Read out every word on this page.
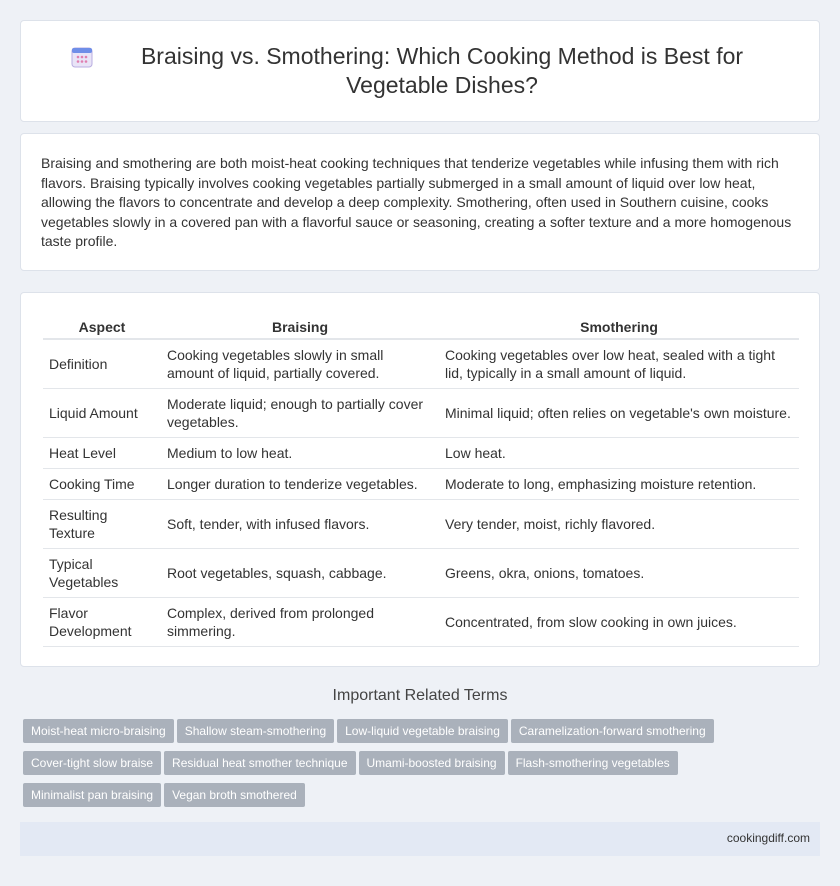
Braising vs. Smothering: Which Cooking Method is Best for Vegetable Dishes?

Braising and smothering are both moist-heat cooking techniques that tenderize vegetables while infusing them with rich flavors. Braising typically involves cooking vegetables partially submerged in a small amount of liquid over low heat, allowing the flavors to concentrate and develop a deep complexity. Smothering, often used in Southern cuisine, cooks vegetables slowly in a covered pan with a flavorful sauce or seasoning, creating a softer texture and a more homogenous taste profile.

Aspect	Braising	Smothering
Definition	Cooking vegetables slowly in small amount of liquid, partially covered.	Cooking vegetables over low heat, sealed with a tight lid, typically in a small amount of liquid.
Liquid Amount	Moderate liquid; enough to partially cover vegetables.	Minimal liquid; often relies on vegetable's own moisture.
Heat Level	Medium to low heat.	Low heat.
Cooking Time	Longer duration to tenderize vegetables.	Moderate to long, emphasizing moisture retention.
Resulting Texture	Soft, tender, with infused flavors.	Very tender, moist, richly flavored.
Typical Vegetables	Root vegetables, squash, cabbage.	Greens, okra, onions, tomatoes.
Flavor Development	Complex, derived from prolonged simmering.	Concentrated, from slow cooking in own juices.
Important Related Terms
Moist-heat micro-braising Shallow steam-smothering Low-liquid vegetable braising Caramelization-forward smothering
Cover-tight slow braise Residual heat smother technique Umami-boosted braising Flash-smothering vegetables
Minimalist pan braising Vegan broth smothered
cookingdiff.com
